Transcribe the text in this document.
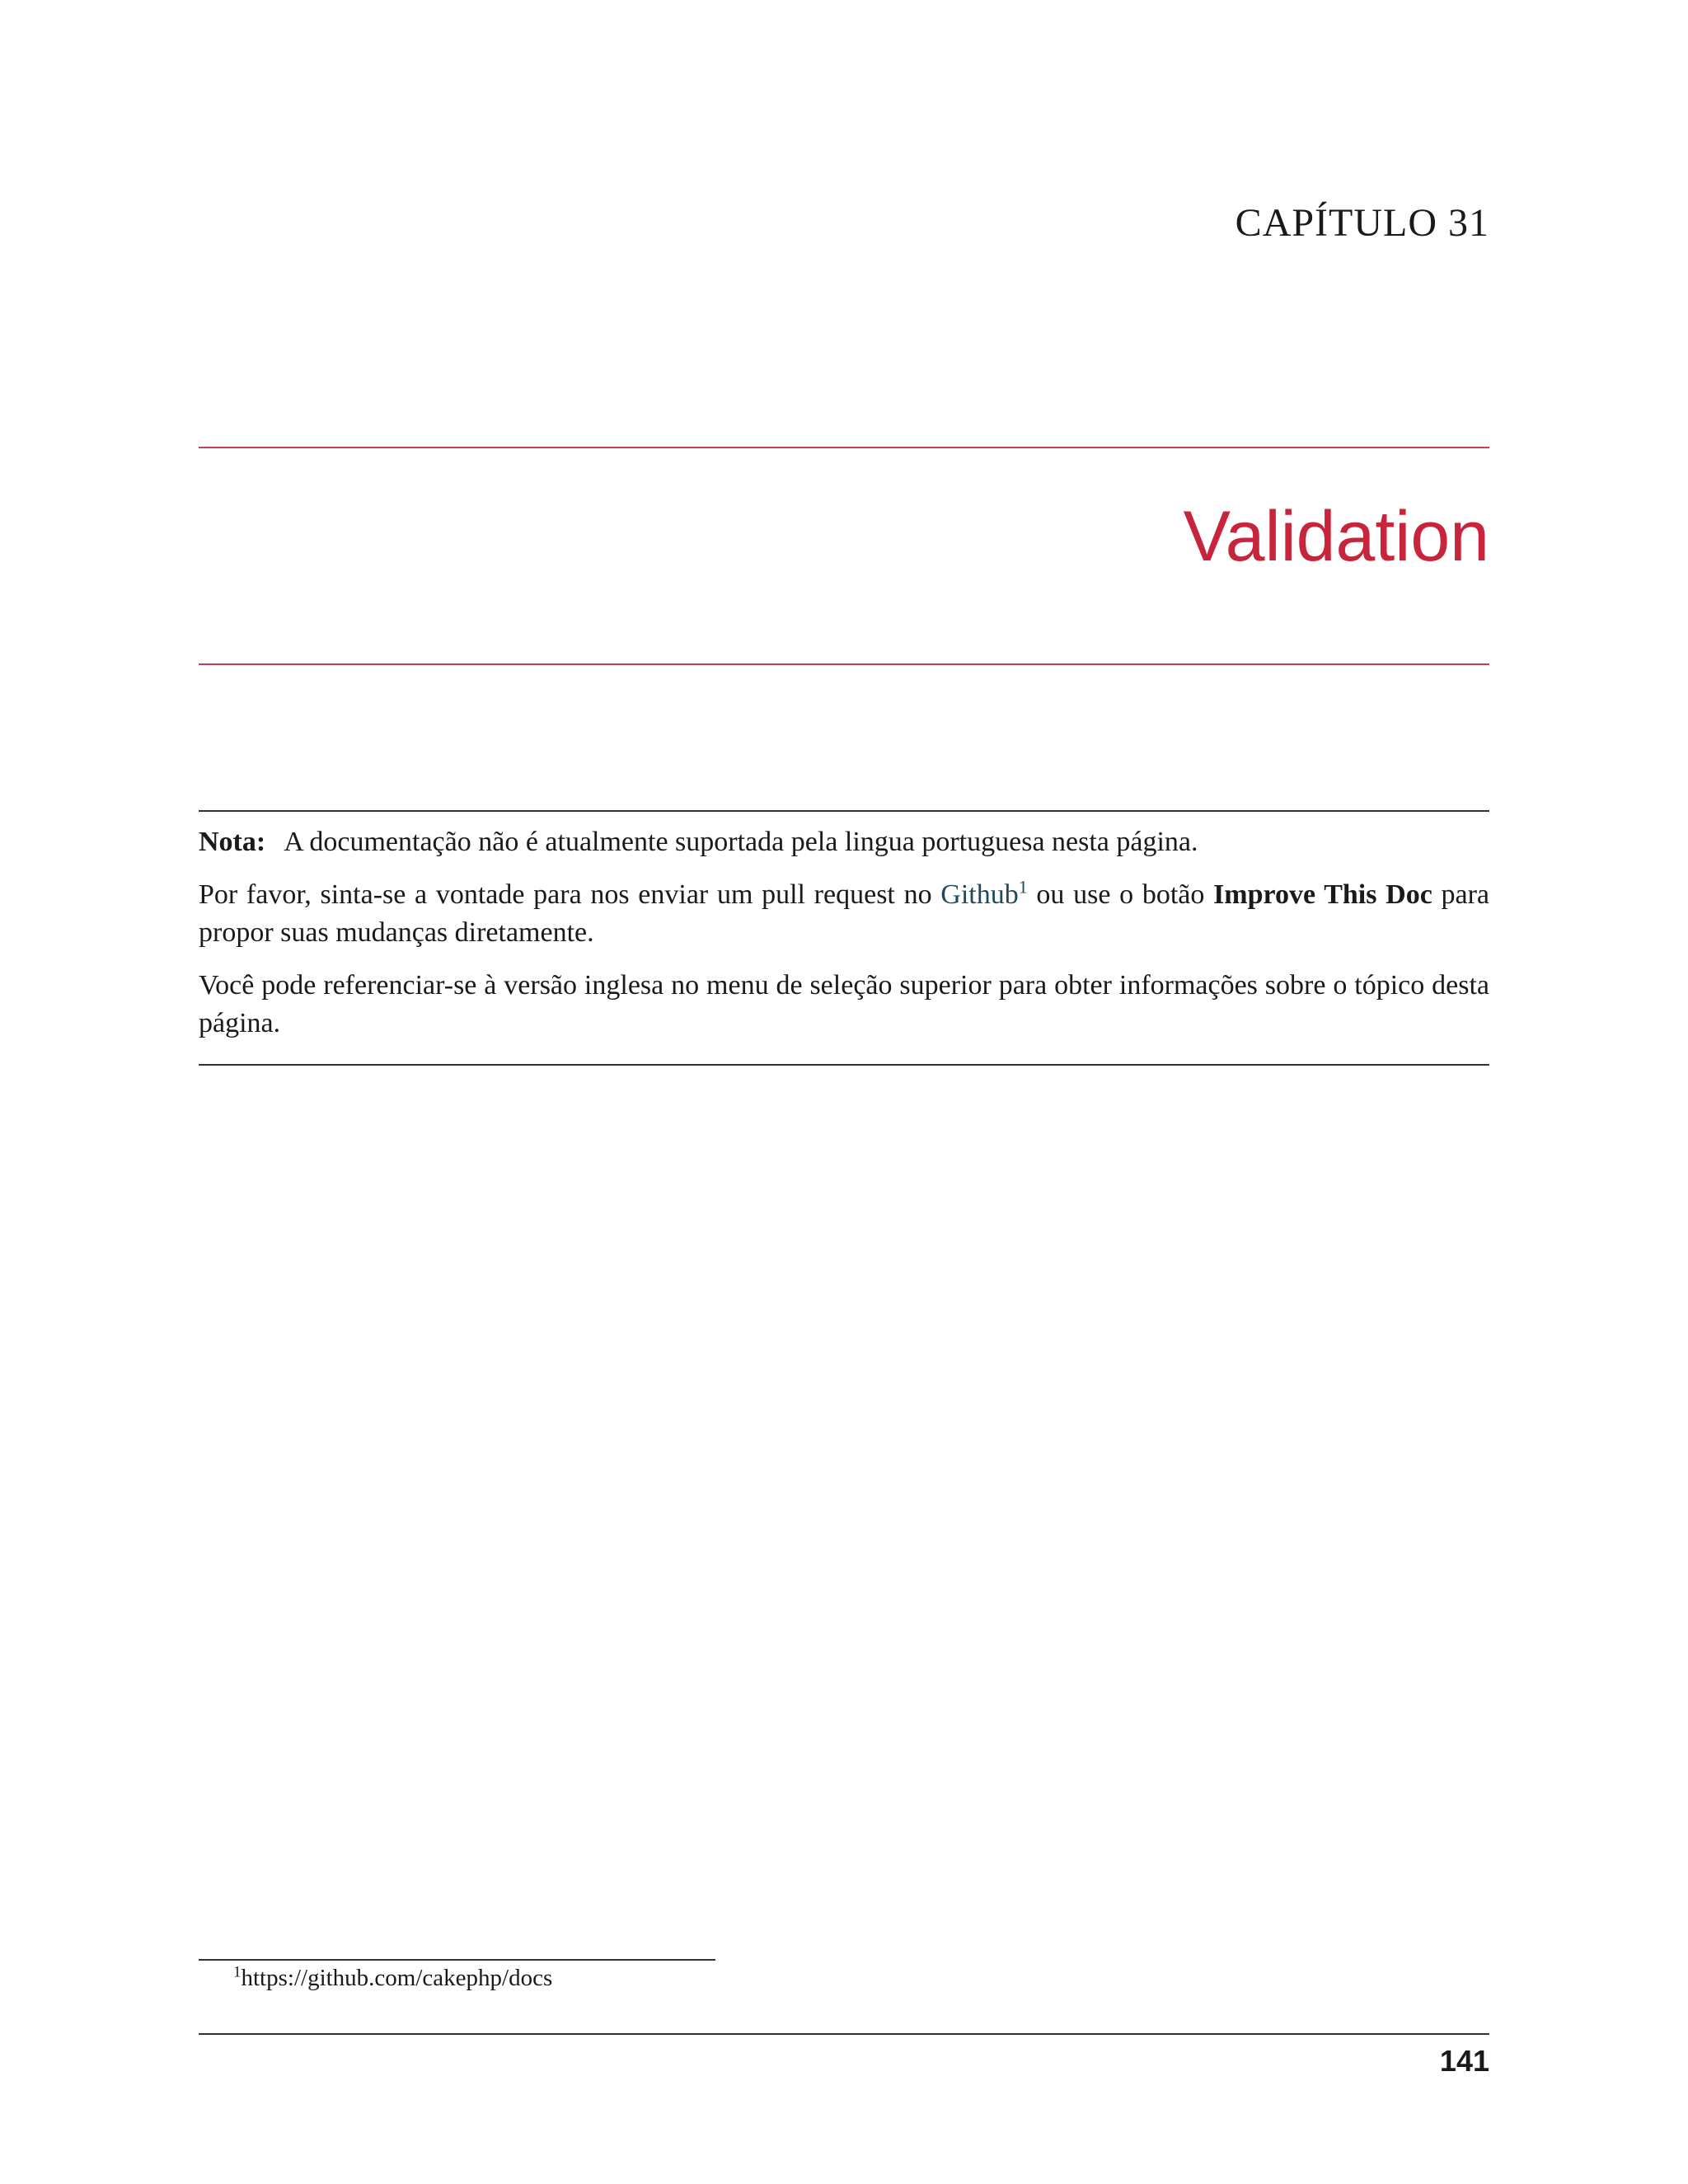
CAPÍTULO 31
Validation

Nota: A documentação não é atualmente suportada pela lingua portuguesa nesta página.

Por favor, sinta-se a vontade para nos enviar um pull request no Github$^1$ ou use o botão Improve This Doc para propor suas mudanças diretamente.

Você pode referenciar-se à versão inglesa no menu de seleção superior para obter informações sobre o tópico desta página.

$^1$https://github.com/cakephp/docs
141
